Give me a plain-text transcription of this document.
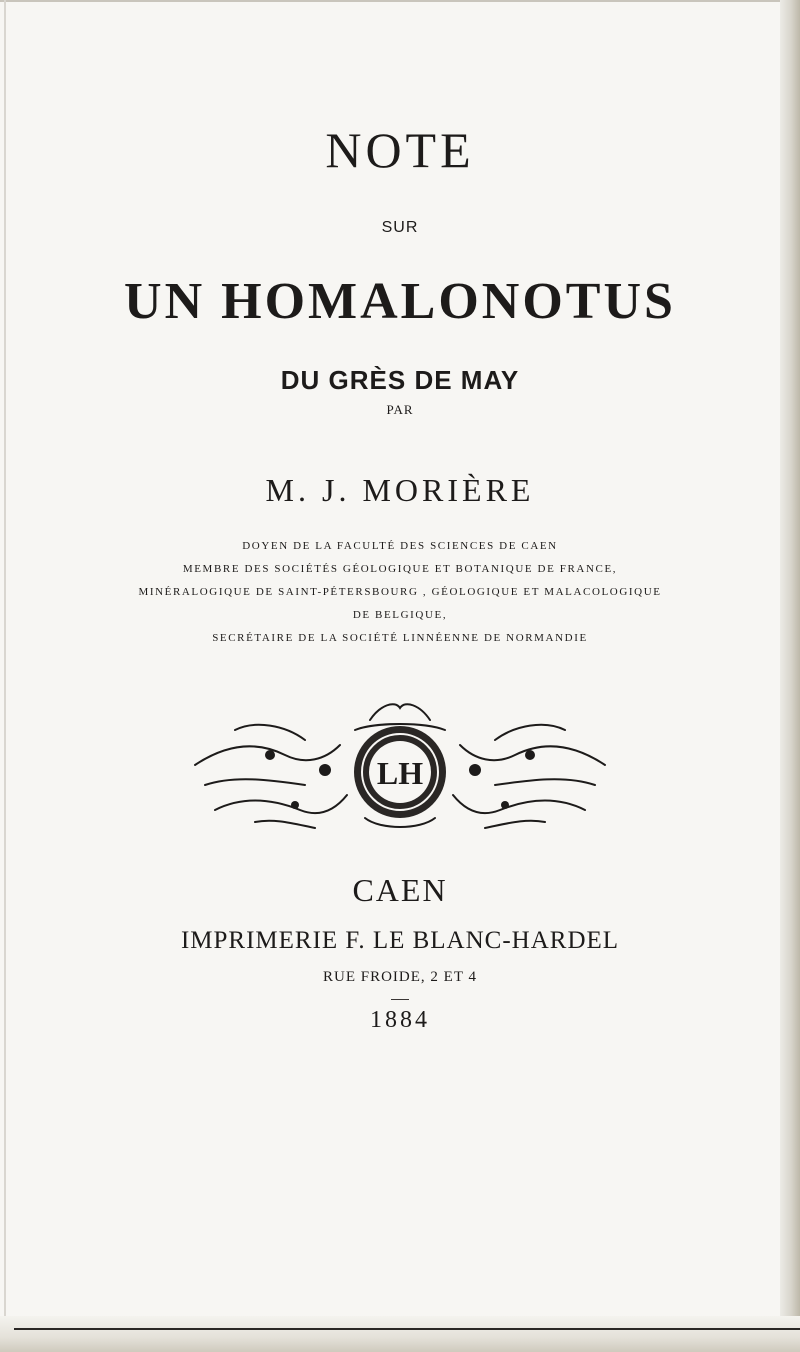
NOTE
SUR
UN HOMALONOTUS
DU GRÈS DE MAY
PAR
M. J. MORIÈRE
DOYEN DE LA FACULTÉ DES SCIENCES DE CAEN
MEMBRE DES SOCIÉTÉS GÉOLOGIQUE ET BOTANIQUE DE FRANCE,
MINÉRALOGIQUE DE SAINT-PÉTERSBOURG , GÉOLOGIQUE ET MALACOLOGIQUE
DE BELGIQUE,
SECRÉTAIRE DE LA SOCIÉTÉ LINNÉENNE DE NORMANDIE
LH
CAEN
IMPRIMERIE F. LE BLANC-HARDEL
RUE FROIDE, 2 ET 4
1884
